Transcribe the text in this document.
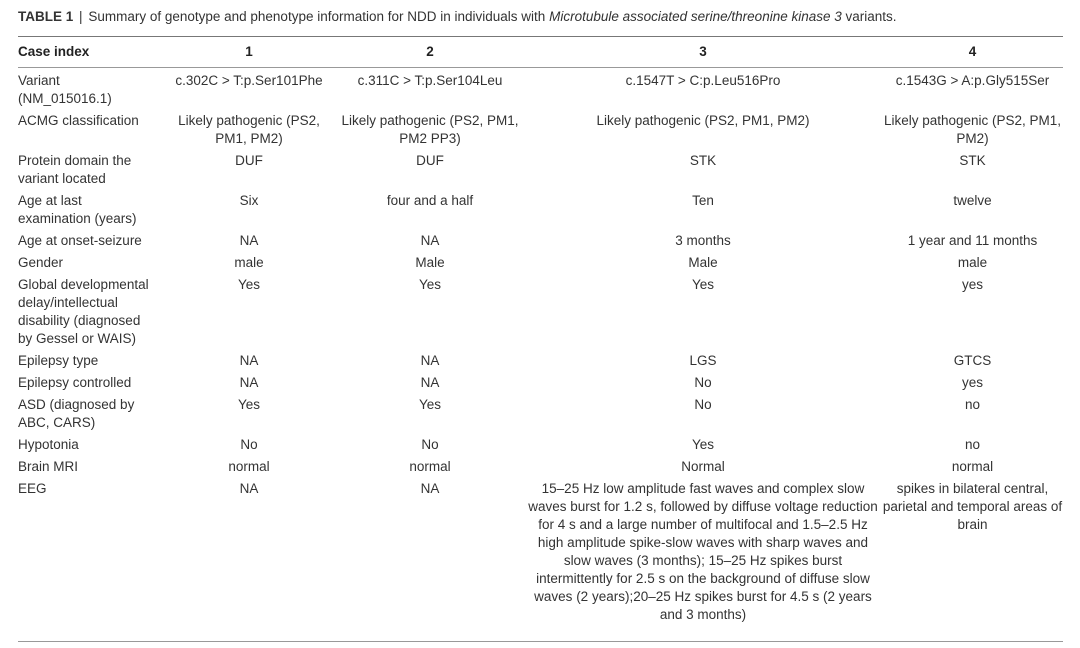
TABLE 1 | Summary of genotype and phenotype information for NDD in individuals with Microtubule associated serine/threonine kinase 3 variants.
Case index	1	2	3	4
Variant (NM_015016.1)	c.302C > T:p.Ser101Phe	c.311C > T:p.Ser104Leu	c.1547T > C:p.Leu516Pro	c.1543G > A:p.Gly515Ser
ACMG classification	Likely pathogenic (PS2, PM1, PM2)	Likely pathogenic (PS2, PM1, PM2 PP3)	Likely pathogenic (PS2, PM1, PM2)	Likely pathogenic (PS2, PM1, PM2)
Protein domain the variant located	DUF	DUF	STK	STK
Age at last examination (years)	Six	four and a half	Ten	twelve
Age at onset-seizure	NA	NA	3 months	1 year and 11 months
Gender	male	Male	Male	male
Global developmental delay/intellectual disability (diagnosed by Gessel or WAIS)	Yes	Yes	Yes	yes
Epilepsy type	NA	NA	LGS	GTCS
Epilepsy controlled	NA	NA	No	yes
ASD (diagnosed by ABC, CARS)	Yes	Yes	No	no
Hypotonia	No	No	Yes	no
Brain MRI	normal	normal	Normal	normal
EEG	NA	NA	15–25 Hz low amplitude fast waves and complex slow waves burst for 1.2 s, followed by diffuse voltage reduction for 4 s and a large number of multifocal and 1.5–2.5 Hz high amplitude spike-slow waves with sharp waves and slow waves (3 months); 15–25 Hz spikes burst intermittently for 2.5 s on the background of diffuse slow waves (2 years);20–25 Hz spikes burst for 4.5 s (2 years and 3 months)	spikes in bilateral central, parietal and temporal areas of brain
